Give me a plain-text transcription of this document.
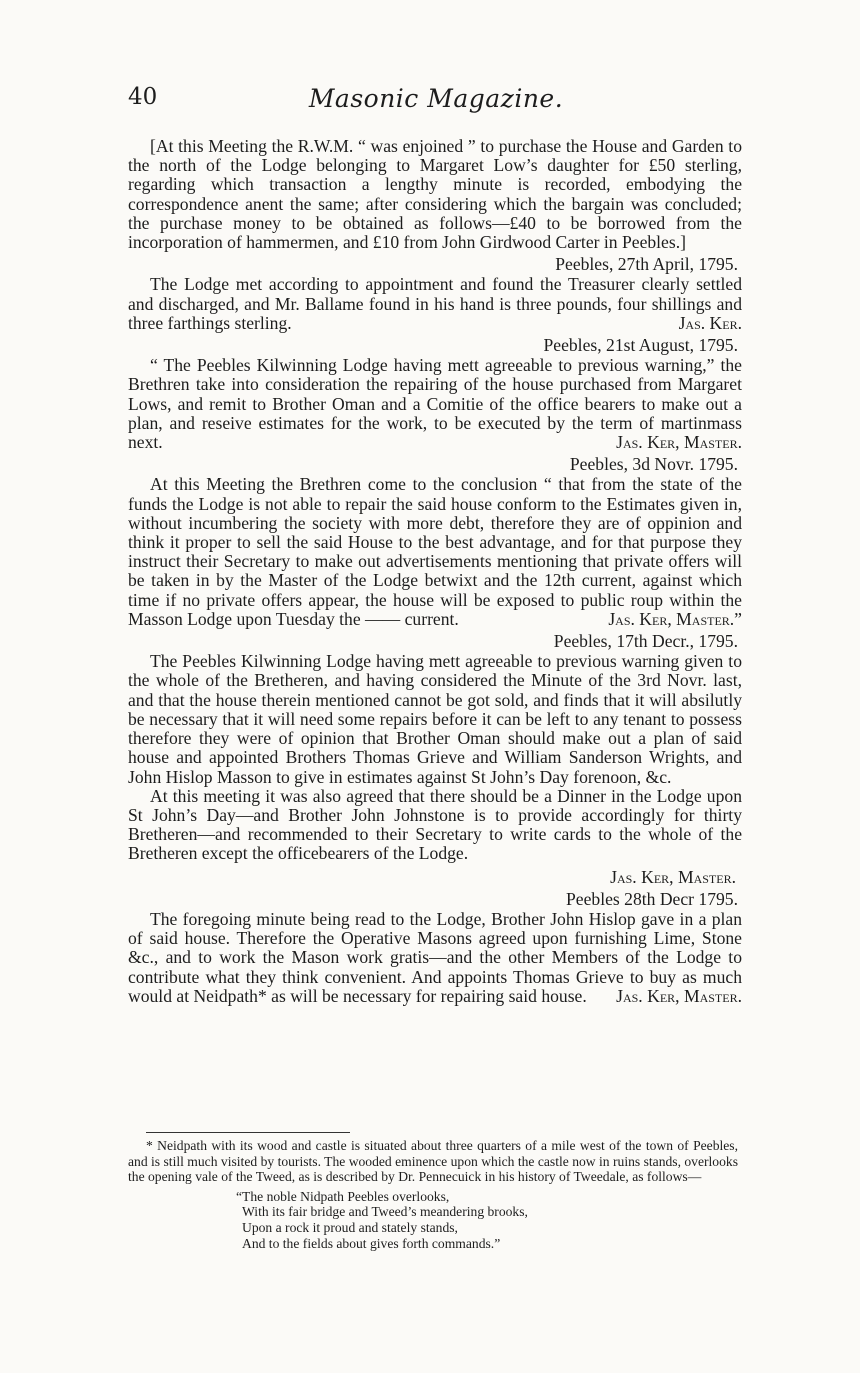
40	Masonic Magazine.

[At this Meeting the R.W.M. “ was enjoined ” to purchase the House and Garden to the north of the Lodge belonging to Margaret Low’s daughter for £50 sterling, regarding which transaction a lengthy minute is recorded, embodying the correspondence anent the same; after considering which the bargain was concluded; the purchase money to be obtained as follows—£40 to be borrowed from the incorporation of hammermen, and £10 from John Girdwood Carter in Peebles.]

Peebles, 27th April, 1795.

The Lodge met according to appointment and found the Treasurer clearly settled and discharged, and Mr. Ballame found in his hand is three pounds, four shillings and three farthings sterling.	Jas. Ker.

Peebles, 21st August, 1795.

“ The Peebles Kilwinning Lodge having mett agreeable to previous warning,” the Brethren take into consideration the repairing of the house purchased from Margaret Lows, and remit to Brother Oman and a Comitie of the office bearers to make out a plan, and reseive estimates for the work, to be executed by the term of martinmass next.	Jas. Ker, Master.

Peebles, 3d Novr. 1795.

At this Meeting the Brethren come to the conclusion “ that from the state of the funds the Lodge is not able to repair the said house conform to the Estimates given in, without incumbering the society with more debt, therefore they are of oppinion and think it proper to sell the said House to the best advantage, and for that purpose they instruct their Secretary to make out advertisements mentioning that private offers will be taken in by the Master of the Lodge betwixt and the 12th current, against which time if no private offers appear, the house will be exposed to public roup within the Masson Lodge upon Tuesday the —— current.	Jas. Ker, Master.”

Peebles, 17th Decr., 1795.

The Peebles Kilwinning Lodge having mett agreeable to previous warning given to the whole of the Bretheren, and having considered the Minute of the 3rd Novr. last, and that the house therein mentioned cannot be got sold, and finds that it will absilutly be necessary that it will need some repairs before it can be left to any tenant to possess therefore they were of opinion that Brother Oman should make out a plan of said house and appointed Brothers Thomas Grieve and William Sanderson Wrights, and John Hislop Masson to give in estimates against St John’s Day forenoon, &c.

At this meeting it was also agreed that there should be a Dinner in the Lodge upon St John’s Day—and Brother John Johnstone is to provide accordingly for thirty Bretheren—and recommended to their Secretary to write cards to the whole of the Bretheren except the officebearers of the Lodge.

Jas. Ker, Master.

Peebles 28th Decr 1795.

The foregoing minute being read to the Lodge, Brother John Hislop gave in a plan of said house. Therefore the Operative Masons agreed upon furnishing Lime, Stone &c., and to work the Mason work gratis—and the other Members of the Lodge to contribute what they think convenient. And appoints Thomas Grieve to buy as much would at Neidpath* as will be necessary for repairing said house.	Jas. Ker, Master.

* Neidpath with its wood and castle is situated about three quarters of a mile west of the town of Peebles, and is still much visited by tourists. The wooded eminence upon which the castle now in ruins stands, overlooks the opening vale of the Tweed, as is described by Dr. Pennecuick in his history of Tweedale, as follows—

“The noble Nidpath Peebles overlooks,
With its fair bridge and Tweed’s meandering brooks,
Upon a rock it proud and stately stands,
And to the fields about gives forth commands.”
